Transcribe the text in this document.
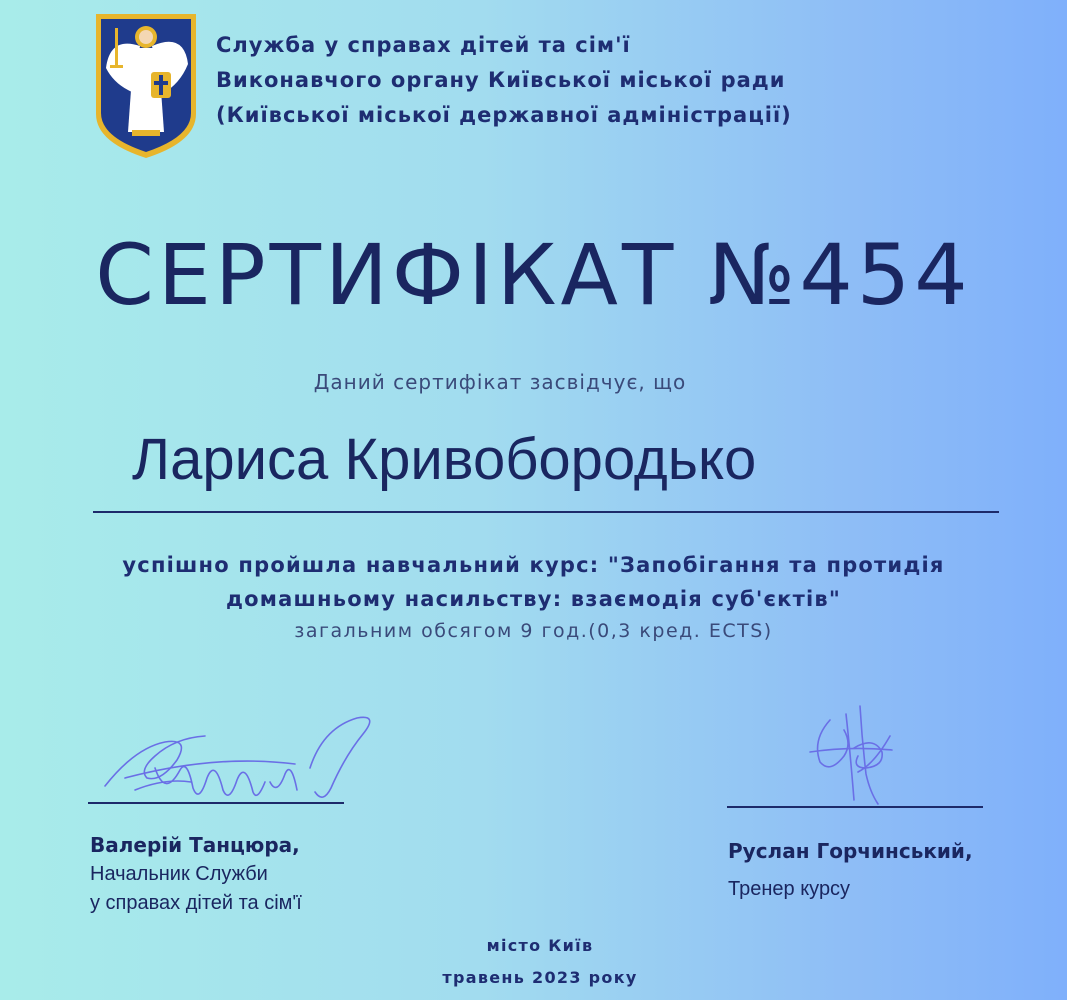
Служба у справах дітей та сім'ї
Виконавчого органу Київської міської ради
(Київської міської державної адміністрації)
СЕРТИФІКАТ №454
Даний сертифікат засвідчує, що
Лариса Кривобородько
успішно пройшла навчальний курс: "Запобігання та протидія
домашньому насильству: взаємодія суб'єктів"
загальним обсягом 9 год.(0,3 кред. ECTS)
Валерій Танцюра,
Начальник Служби
у справах дітей та сім'ї
Руслан Горчинський,
Тренер курсу
місто Київ
травень 2023 року
